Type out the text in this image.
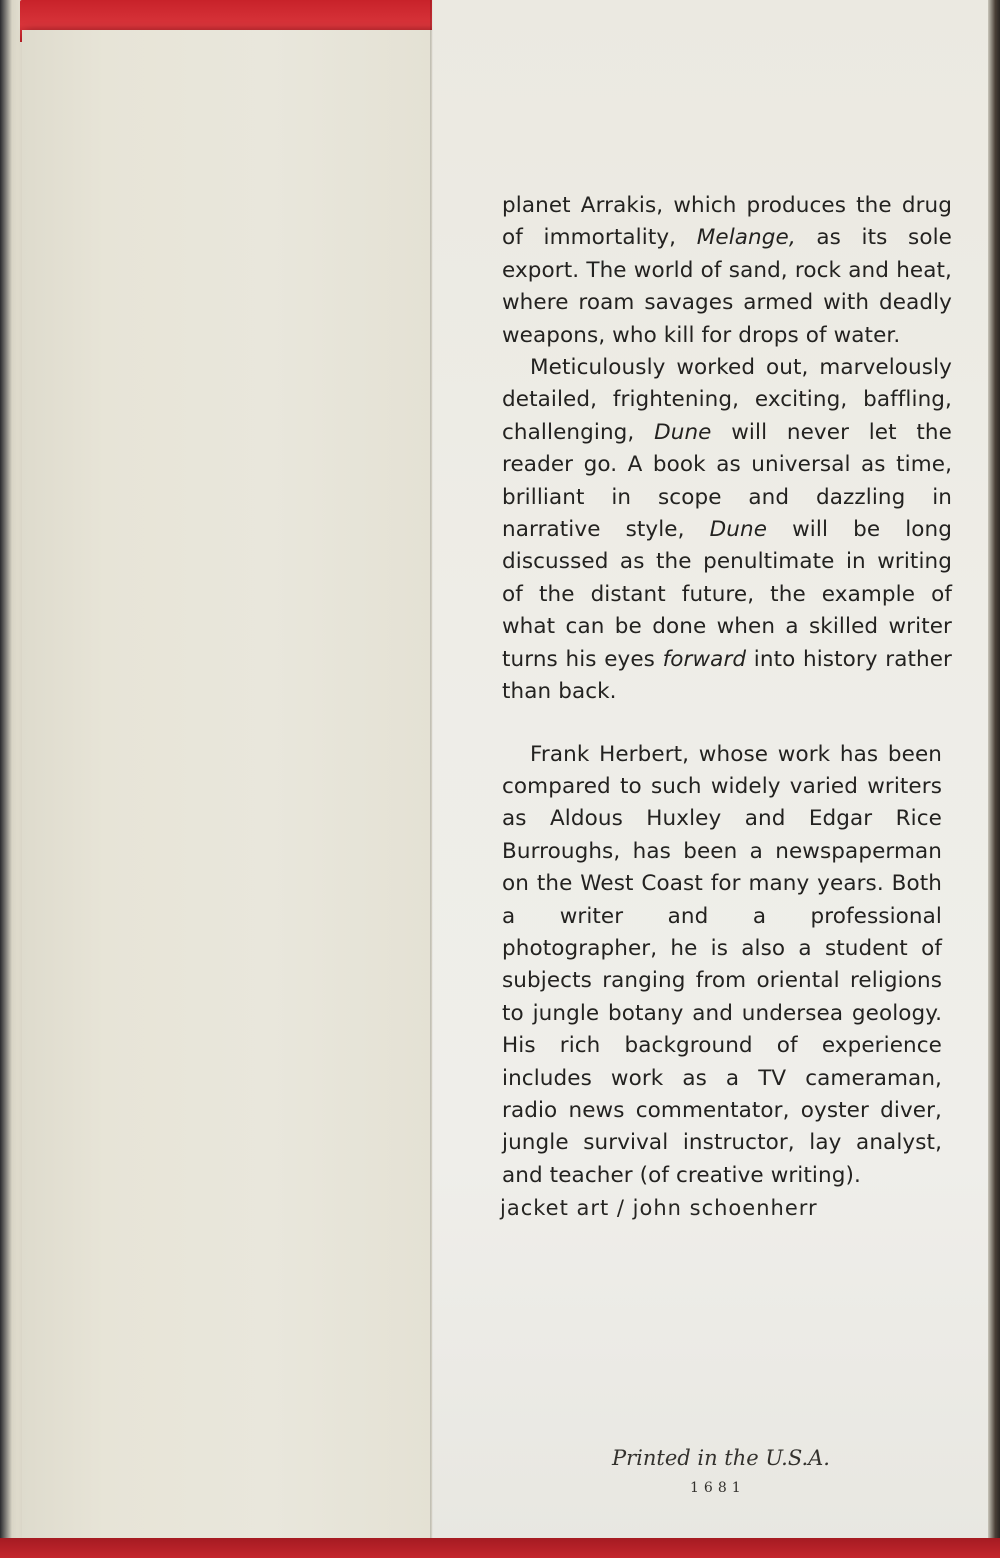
planet Arrakis, which produces the drug of immortality, Melange, as its sole export. The world of sand, rock and heat, where roam savages armed with deadly weapons, who kill for drops of water.

Meticulously worked out, marvelously detailed, frightening, exciting, baffling, challenging, Dune will never let the reader go. A book as universal as time, brilliant in scope and dazzling in narrative style, Dune will be long discussed as the penultimate in writing of the distant future, the example of what can be done when a skilled writer turns his eyes forward into history rather than back.

Frank Herbert, whose work has been compared to such widely varied writers as Aldous Huxley and Edgar Rice Burroughs, has been a newspaperman on the West Coast for many years. Both a writer and a professional photographer, he is also a student of subjects ranging from oriental religions to jungle botany and undersea geology. His rich background of experience includes work as a TV cameraman, radio news commentator, oyster diver, jungle survival instructor, lay analyst, and teacher (of creative writing).

jacket art / john schoenherr
Printed in the U.S.A.
1681
